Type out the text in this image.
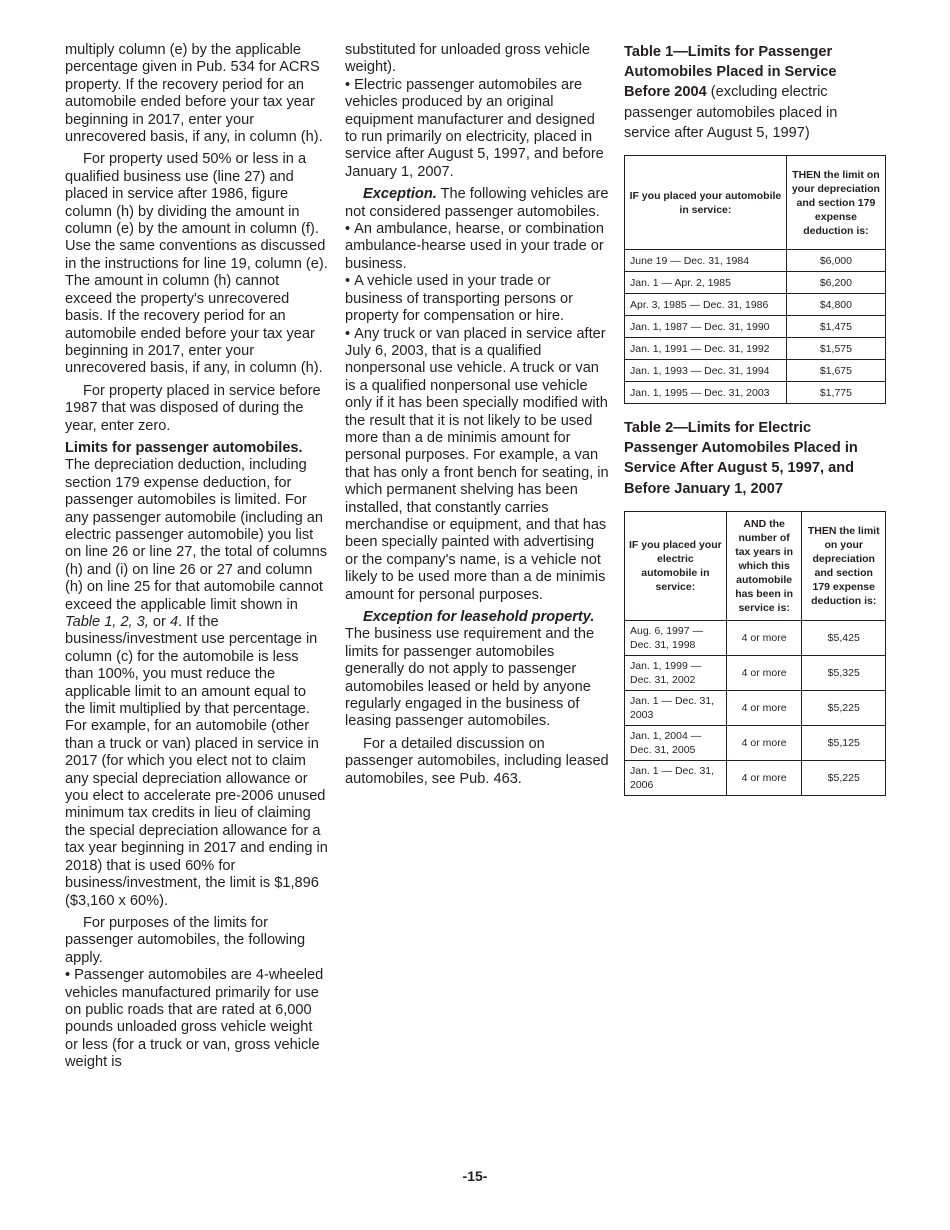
multiply column (e) by the applicable percentage given in Pub. 534 for ACRS property. If the recovery period for an automobile ended before your tax year beginning in 2017, enter your unrecovered basis, if any, in column (h).

For property used 50% or less in a qualified business use (line 27) and placed in service after 1986, figure column (h) by dividing the amount in column (e) by the amount in column (f). Use the same conventions as discussed in the instructions for line 19, column (e). The amount in column (h) cannot exceed the property's unrecovered basis. If the recovery period for an automobile ended before your tax year beginning in 2017, enter your unrecovered basis, if any, in column (h).

For property placed in service before 1987 that was disposed of during the year, enter zero.

Limits for passenger automobiles. The depreciation deduction, including section 179 expense deduction, for passenger automobiles is limited. For any passenger automobile (including an electric passenger automobile) you list on line 26 or line 27, the total of columns (h) and (i) on line 26 or 27 and column (h) on line 25 for that automobile cannot exceed the applicable limit shown in Table 1, 2, 3, or 4. If the business/investment use percentage in column (c) for the automobile is less than 100%, you must reduce the applicable limit to an amount equal to the limit multiplied by that percentage. For example, for an automobile (other than a truck or van) placed in service in 2017 (for which you elect not to claim any special depreciation allowance or you elect to accelerate pre-2006 unused minimum tax credits in lieu of claiming the special depreciation allowance for a tax year beginning in 2017 and ending in 2018) that is used 60% for business/investment, the limit is $1,896 ($3,160 x 60%).

For purposes of the limits for passenger automobiles, the following apply.

• Passenger automobiles are 4-wheeled vehicles manufactured primarily for use on public roads that are rated at 6,000 pounds unloaded gross vehicle weight or less (for a truck or van, gross vehicle weight is

substituted for unloaded gross vehicle weight).

• Electric passenger automobiles are vehicles produced by an original equipment manufacturer and designed to run primarily on electricity, placed in service after August 5, 1997, and before January 1, 2007.

Exception. The following vehicles are not considered passenger automobiles.

• An ambulance, hearse, or combination ambulance-hearse used in your trade or business.

• A vehicle used in your trade or business of transporting persons or property for compensation or hire.

• Any truck or van placed in service after July 6, 2003, that is a qualified nonpersonal use vehicle. A truck or van is a qualified nonpersonal use vehicle only if it has been specially modified with the result that it is not likely to be used more than a de minimis amount for personal purposes. For example, a van that has only a front bench for seating, in which permanent shelving has been installed, that constantly carries merchandise or equipment, and that has been specially painted with advertising or the company's name, is a vehicle not likely to be used more than a de minimis amount for personal purposes.

Exception for leasehold property. The business use requirement and the limits for passenger automobiles generally do not apply to passenger automobiles leased or held by anyone regularly engaged in the business of leasing passenger automobiles.

For a detailed discussion on passenger automobiles, including leased automobiles, see Pub. 463.

Table 1—Limits for Passenger Automobiles Placed in Service Before 2004 (excluding electric passenger automobiles placed in service after August 5, 1997)

IF you placed your automobile in service:	THEN the limit on your depreciation and section 179 expense deduction is:
June 19 — Dec. 31, 1984	$6,000
Jan. 1 — Apr. 2, 1985	$6,200
Apr. 3, 1985 — Dec. 31, 1986	$4,800
Jan. 1, 1987 — Dec. 31, 1990	$1,475
Jan. 1, 1991 — Dec. 31, 1992	$1,575
Jan. 1, 1993 — Dec. 31, 1994	$1,675
Jan. 1, 1995 — Dec. 31, 2003	$1,775

Table 2—Limits for Electric Passenger Automobiles Placed in Service After August 5, 1997, and Before January 1, 2007

IF you placed your electric automobile in service:	AND the number of tax years in which this automobile has been in service is:	THEN the limit on your depreciation and section 179 expense deduction is:
Aug. 6, 1997 — Dec. 31, 1998	4 or more	$5,425
Jan. 1, 1999 — Dec. 31, 2002	4 or more	$5,325
Jan. 1 — Dec. 31, 2003	4 or more	$5,225
Jan. 1, 2004 — Dec. 31, 2005	4 or more	$5,125
Jan. 1 — Dec. 31, 2006	4 or more	$5,225
-15-
